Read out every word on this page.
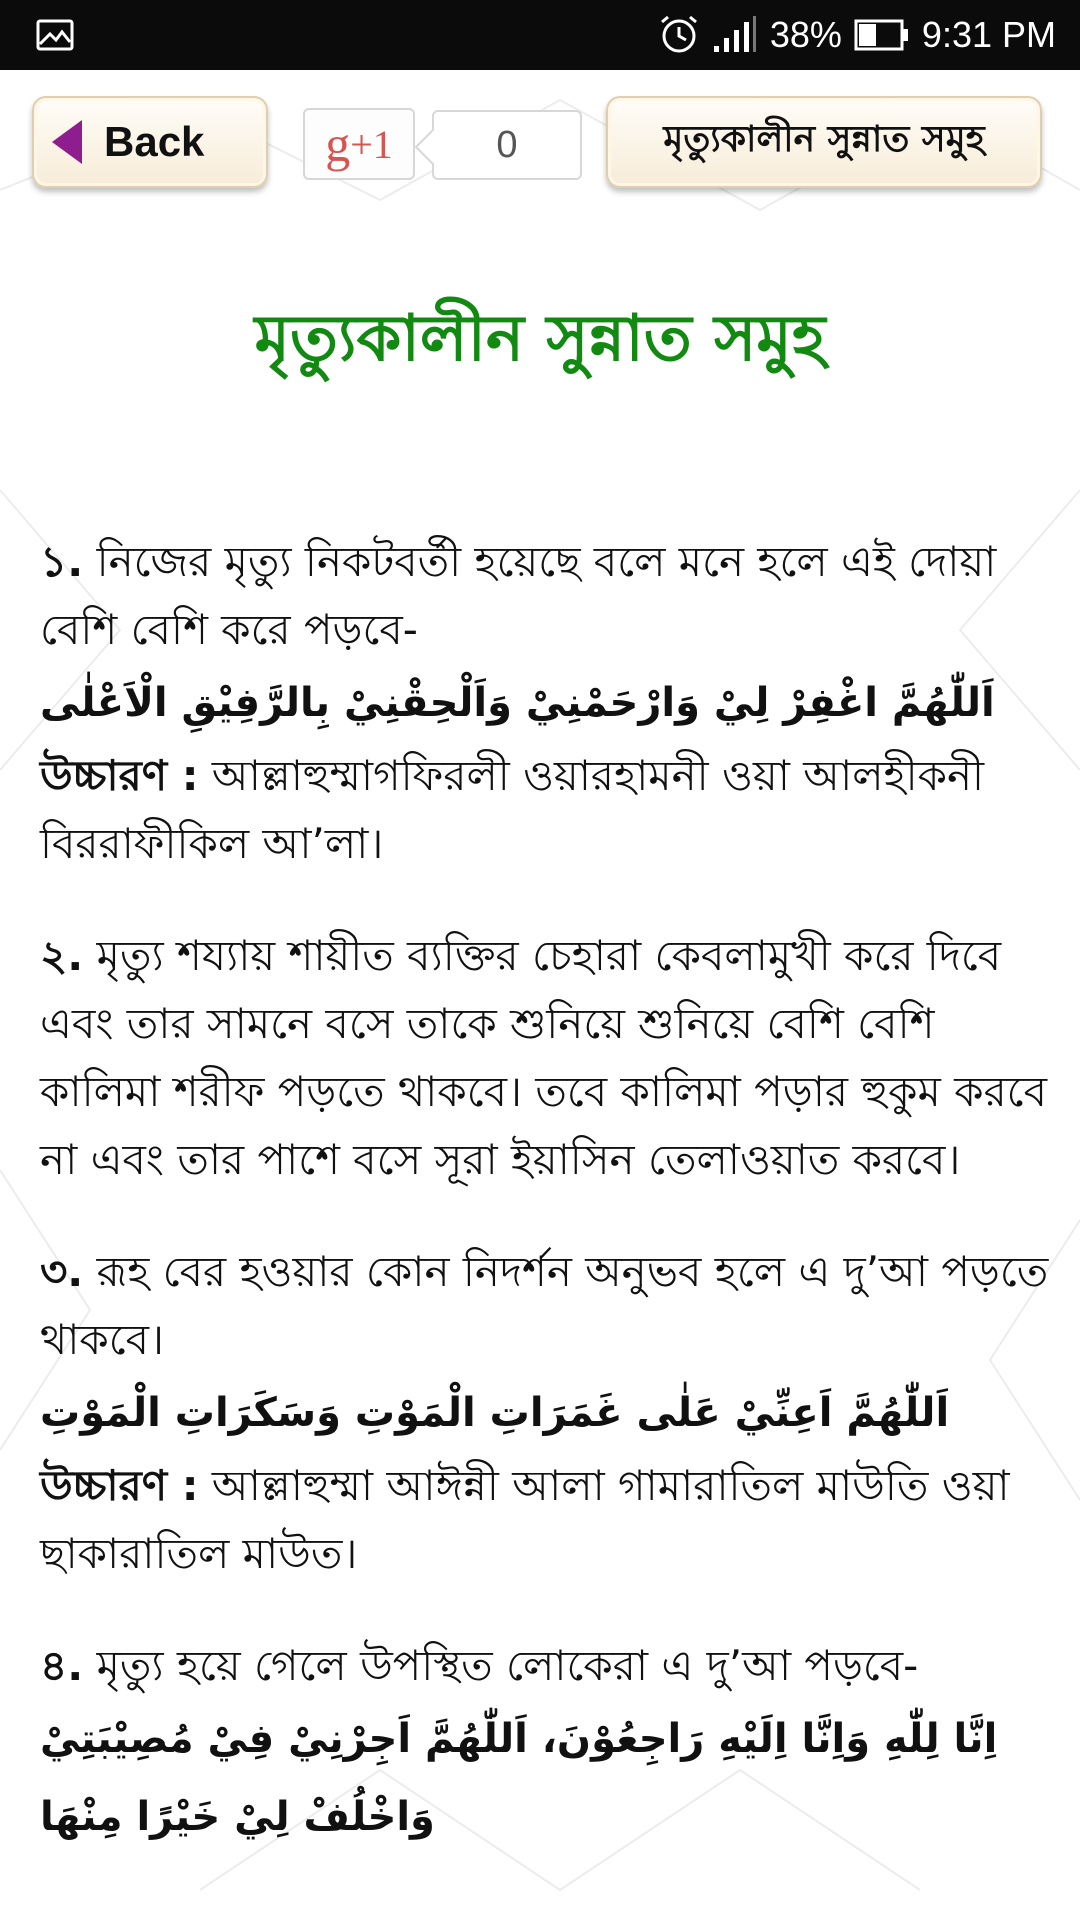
38% 9:31 PM
Back g +1	0	মৃত্যুকালীন সুন্নাত সমুহ
মৃত্যুকালীন সুন্নাত সমুহ

১. নিজের মৃত্যু নিকটবর্তী হয়েছে বলে মনে হলে এই দোয়া বেশি বেশি করে পড়বে-

اَللّٰهُمَّ اغْفِرْ لِيْ وَارْحَمْنِيْ وَاَلْحِقْنِيْ بِالرَّفِيْقِ الْاَعْلٰى

উচ্চারণ : আল্লাহুম্মাগফিরলী ওয়ারহামনী ওয়া আলহীকনী বিররাফীকিল আ’লা।

২. মৃত্যু শয্যায় শায়ীত ব্যক্তির চেহারা কেবলামুখী করে দিবে এবং তার সামনে বসে তাকে শুনিয়ে শুনিয়ে বেশি বেশি কালিমা শরীফ পড়তে থাকবে। তবে কালিমা পড়ার হুকুম করবে না এবং তার পাশে বসে সূরা ইয়াসিন তেলাওয়াত করবে।

৩. রূহ বের হওয়ার কোন নিদর্শন অনুভব হলে এ দু’আ পড়তে থাকবে।

اَللّٰهُمَّ اَعِنِّيْ عَلٰى غَمَرَاتِ الْمَوْتِ وَسَكَرَاتِ الْمَوْتِ

উচ্চারণ : আল্লাহুম্মা আঈন্নী আলা গামারাতিল মাউতি ওয়া ছাকারাতিল মাউত।

৪. মৃত্যু হয়ে গেলে উপস্থিত লোকেরা এ দু’আ পড়বে-

اِنَّا لِلّٰهِ وَاِنَّا اِلَيْهِ رَاجِعُوْنَ، اَللّٰهُمَّ اَجِرْنِيْ فِيْ مُصِيْبَتِيْ وَاخْلُفْ لِيْ خَيْرًا مِنْهَا
